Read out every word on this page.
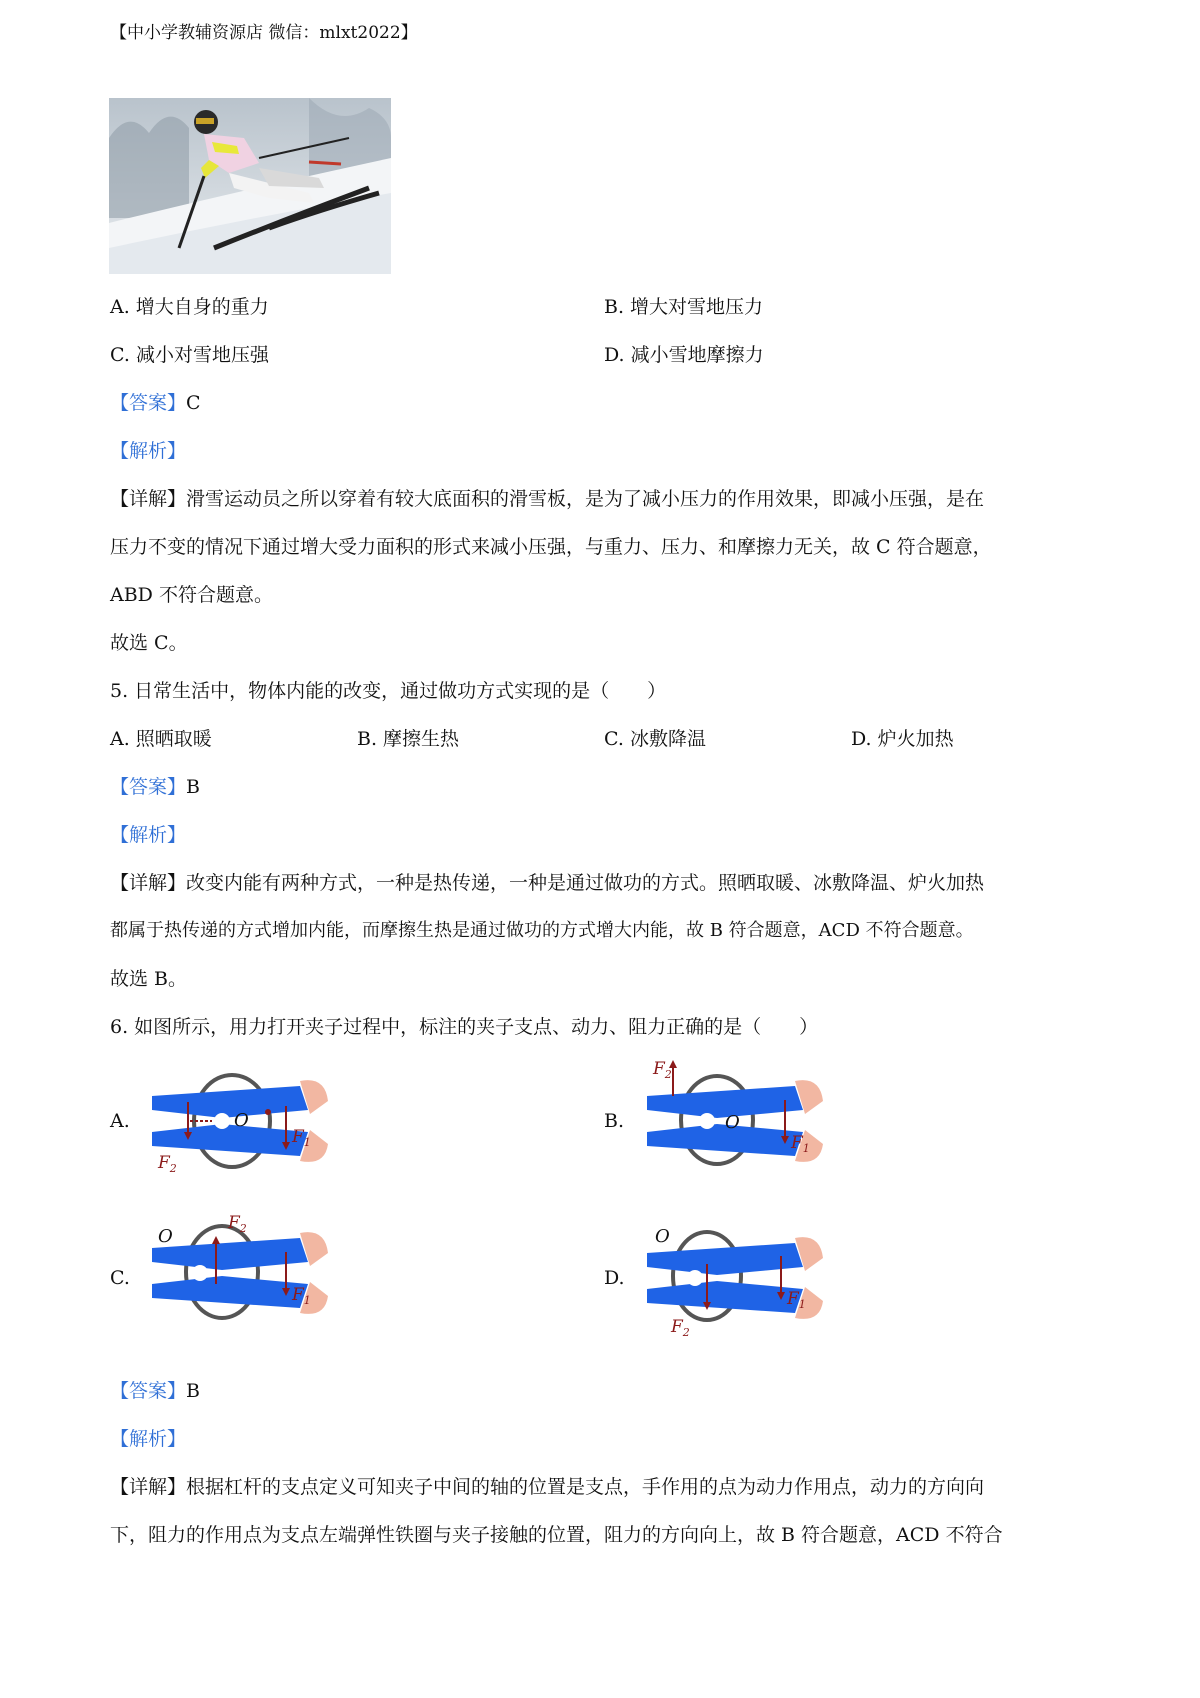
【中小学教辅资源店 微信：mlxt2022】
A. 增大自身的重力	B. 增大对雪地压力
C. 减小对雪地压强	D. 减小雪地摩擦力
【答案】C
【解析】
【详解】滑雪运动员之所以穿着有较大底面积的滑雪板，是为了减小压力的作用效果，即减小压强，是在
压力不变的情况下通过增大受力面积的形式来减小压强，与重力、压力、和摩擦力无关，故 C 符合题意，
ABD 不符合题意。
故选 C。
5. 日常生活中，物体内能的改变，通过做功方式实现的是（　　）
A. 照晒取暖	B. 摩擦生热	C. 冰敷降温	D. 炉火加热
【答案】B
【解析】
【详解】改变内能有两种方式，一种是热传递，一种是通过做功的方式。照晒取暖、冰敷降温、炉火加热
都属于热传递的方式增加内能，而摩擦生热是通过做功的方式增大内能，故 B 符合题意，ACD 不符合题意。
故选 B。
6. 如图所示，用力打开夹子过程中，标注的夹子支点、动力、阻力正确的是（　　）
A.	O
$F_1$
$F_2$
B.	O
$F_1$
$F_2$
C.
O
$F_1$
$F_2$
D.
O
$F_1$
$F_2$
【答案】B
【解析】
【详解】根据杠杆的支点定义可知夹子中间的轴的位置是支点，手作用的点为动力作用点，动力的方向向
下，阻力的作用点为支点左端弹性铁圈与夹子接触的位置，阻力的方向向上，故 B 符合题意，ACD 不符合
